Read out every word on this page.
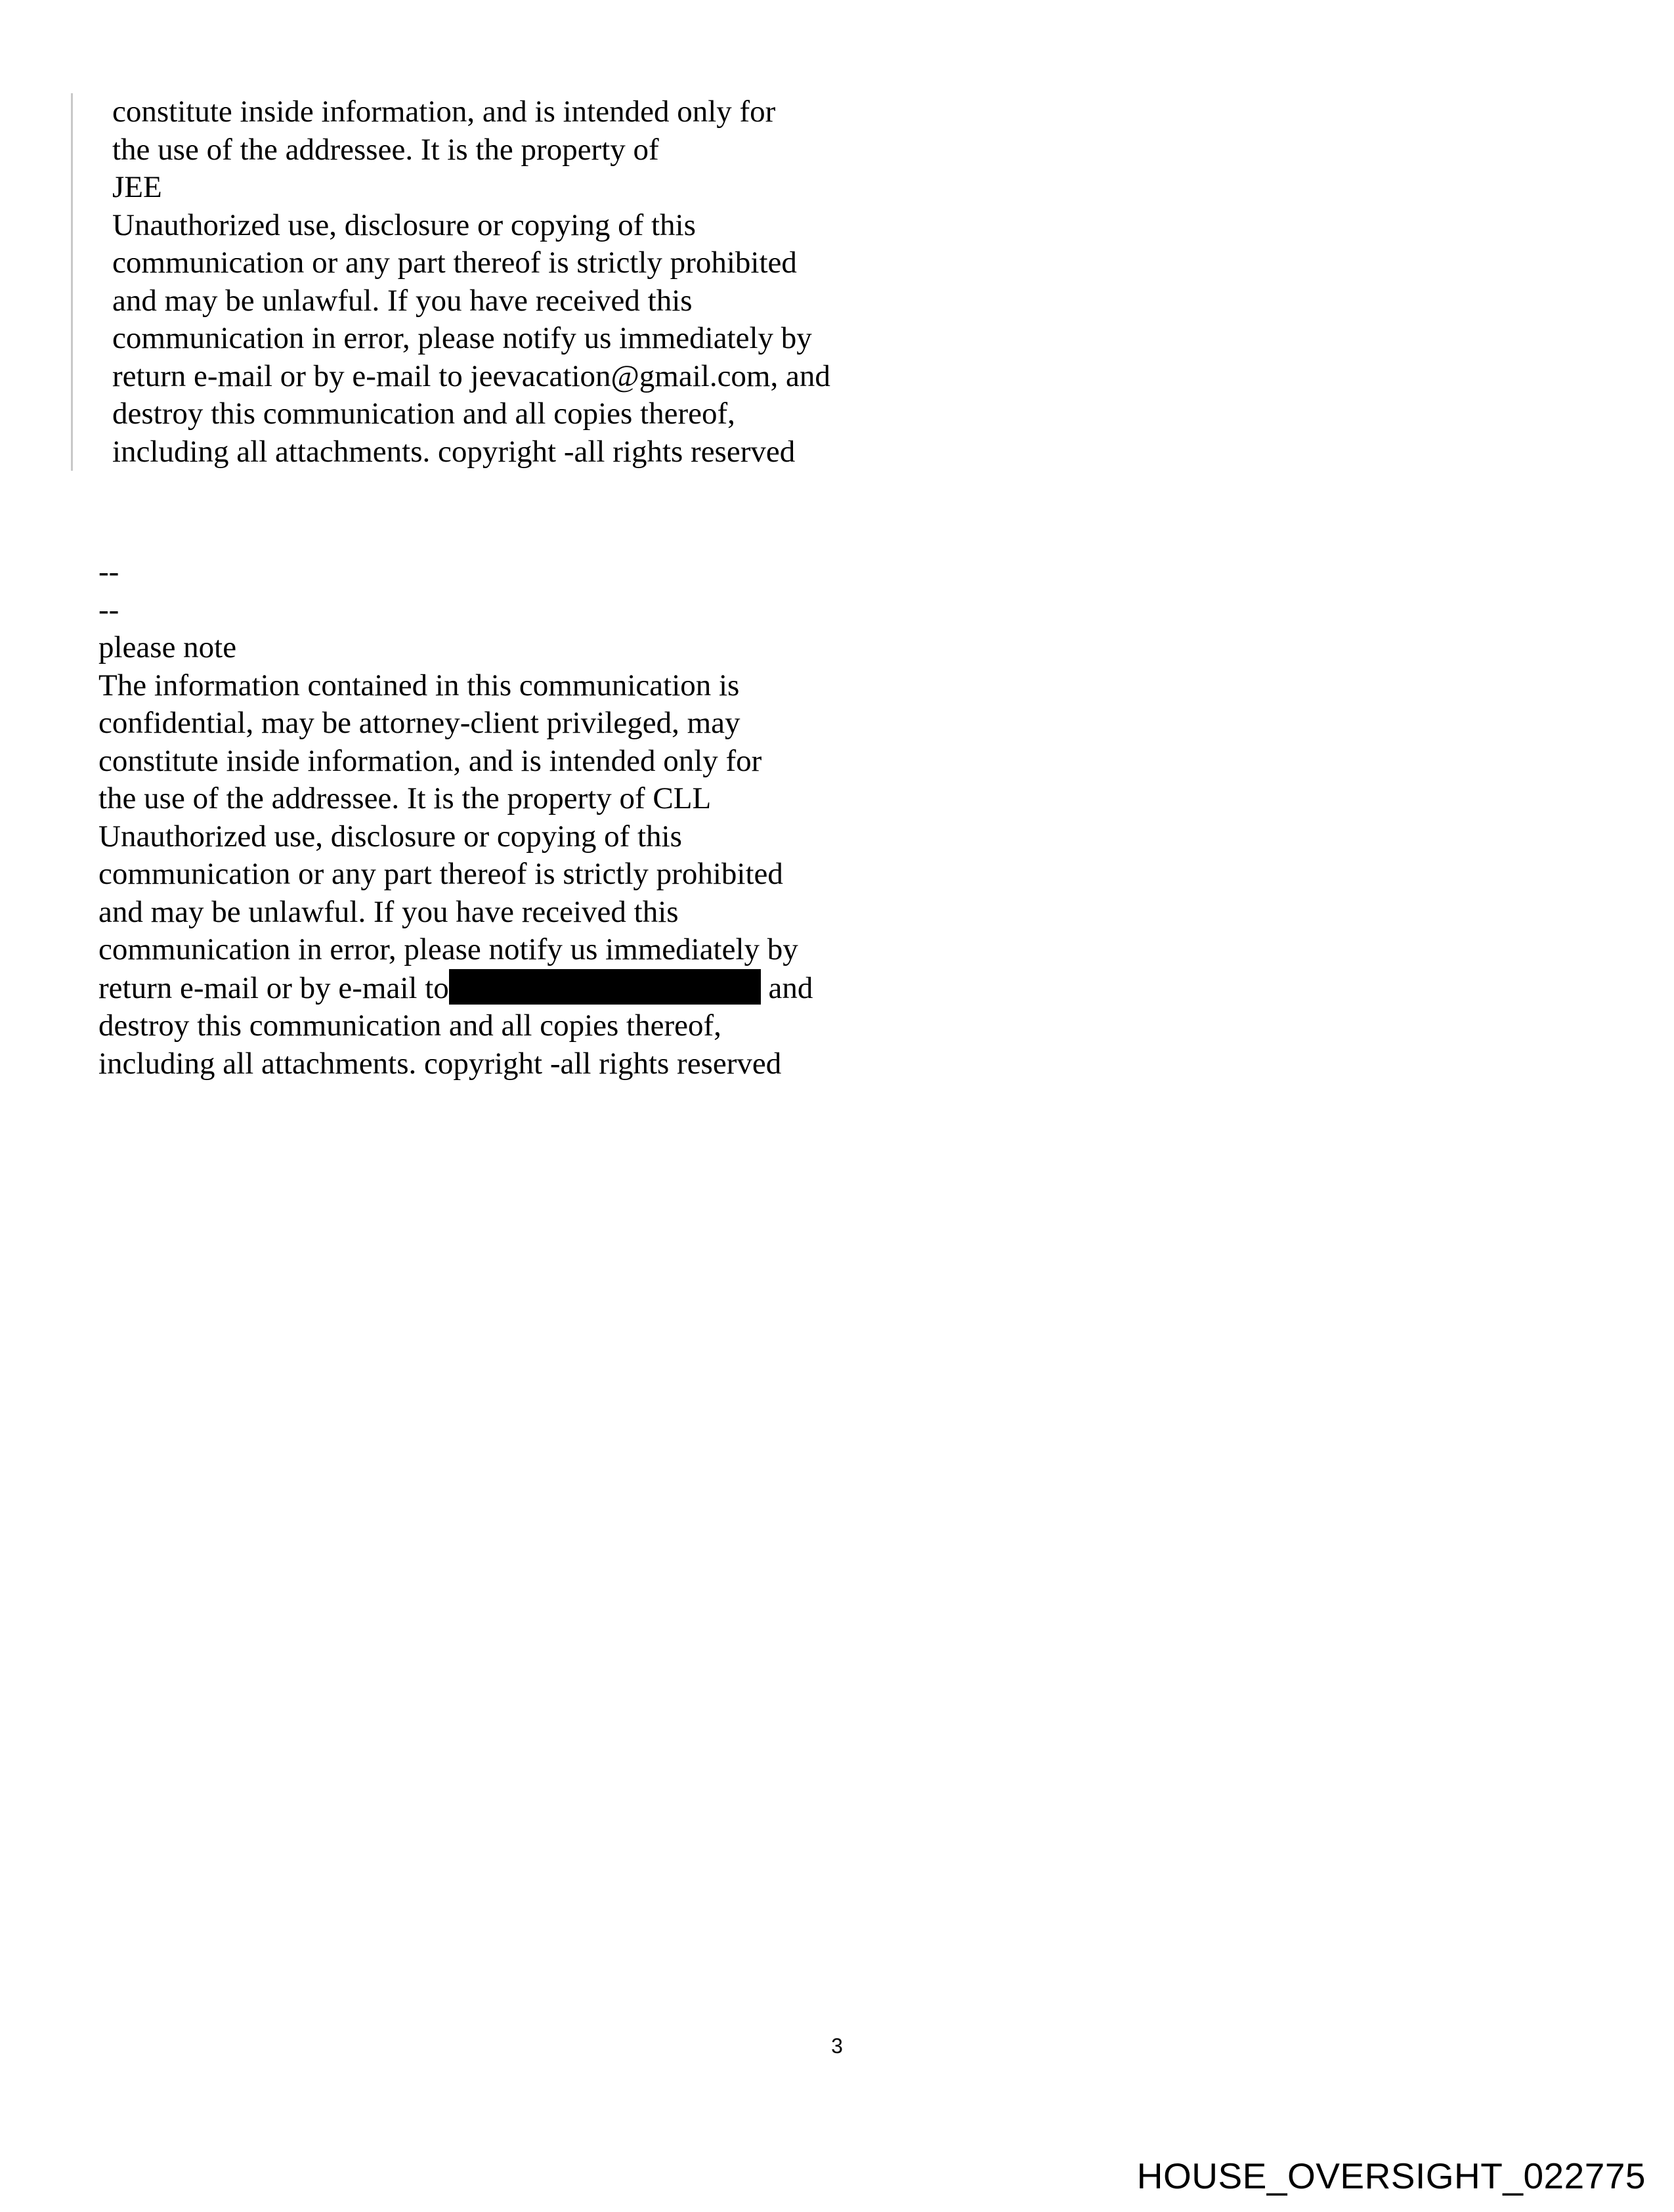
constitute inside information, and is intended only for
the use of the addressee. It is the property of
JEE
Unauthorized use, disclosure or copying of this
communication or any part thereof is strictly prohibited
and may be unlawful. If you have received this
communication in error, please notify us immediately by
return e-mail or by e-mail to jeevacation@gmail.com, and
destroy this communication and all copies thereof,
including all attachments. copyright -all rights reserved
--
--
please note
The information contained in this communication is
confidential, may be attorney-client privileged, may
constitute inside information, and is intended only for
the use of the addressee. It is the property of CLL
Unauthorized use, disclosure or copying of this
communication or any part thereof is strictly prohibited
and may be unlawful. If you have received this
communication in error, please notify us immediately by
return e-mail or by e-mail to	and
destroy this communication and all copies thereof,
including all attachments. copyright -all rights reserved
3
HOUSE_OVERSIGHT_022775
